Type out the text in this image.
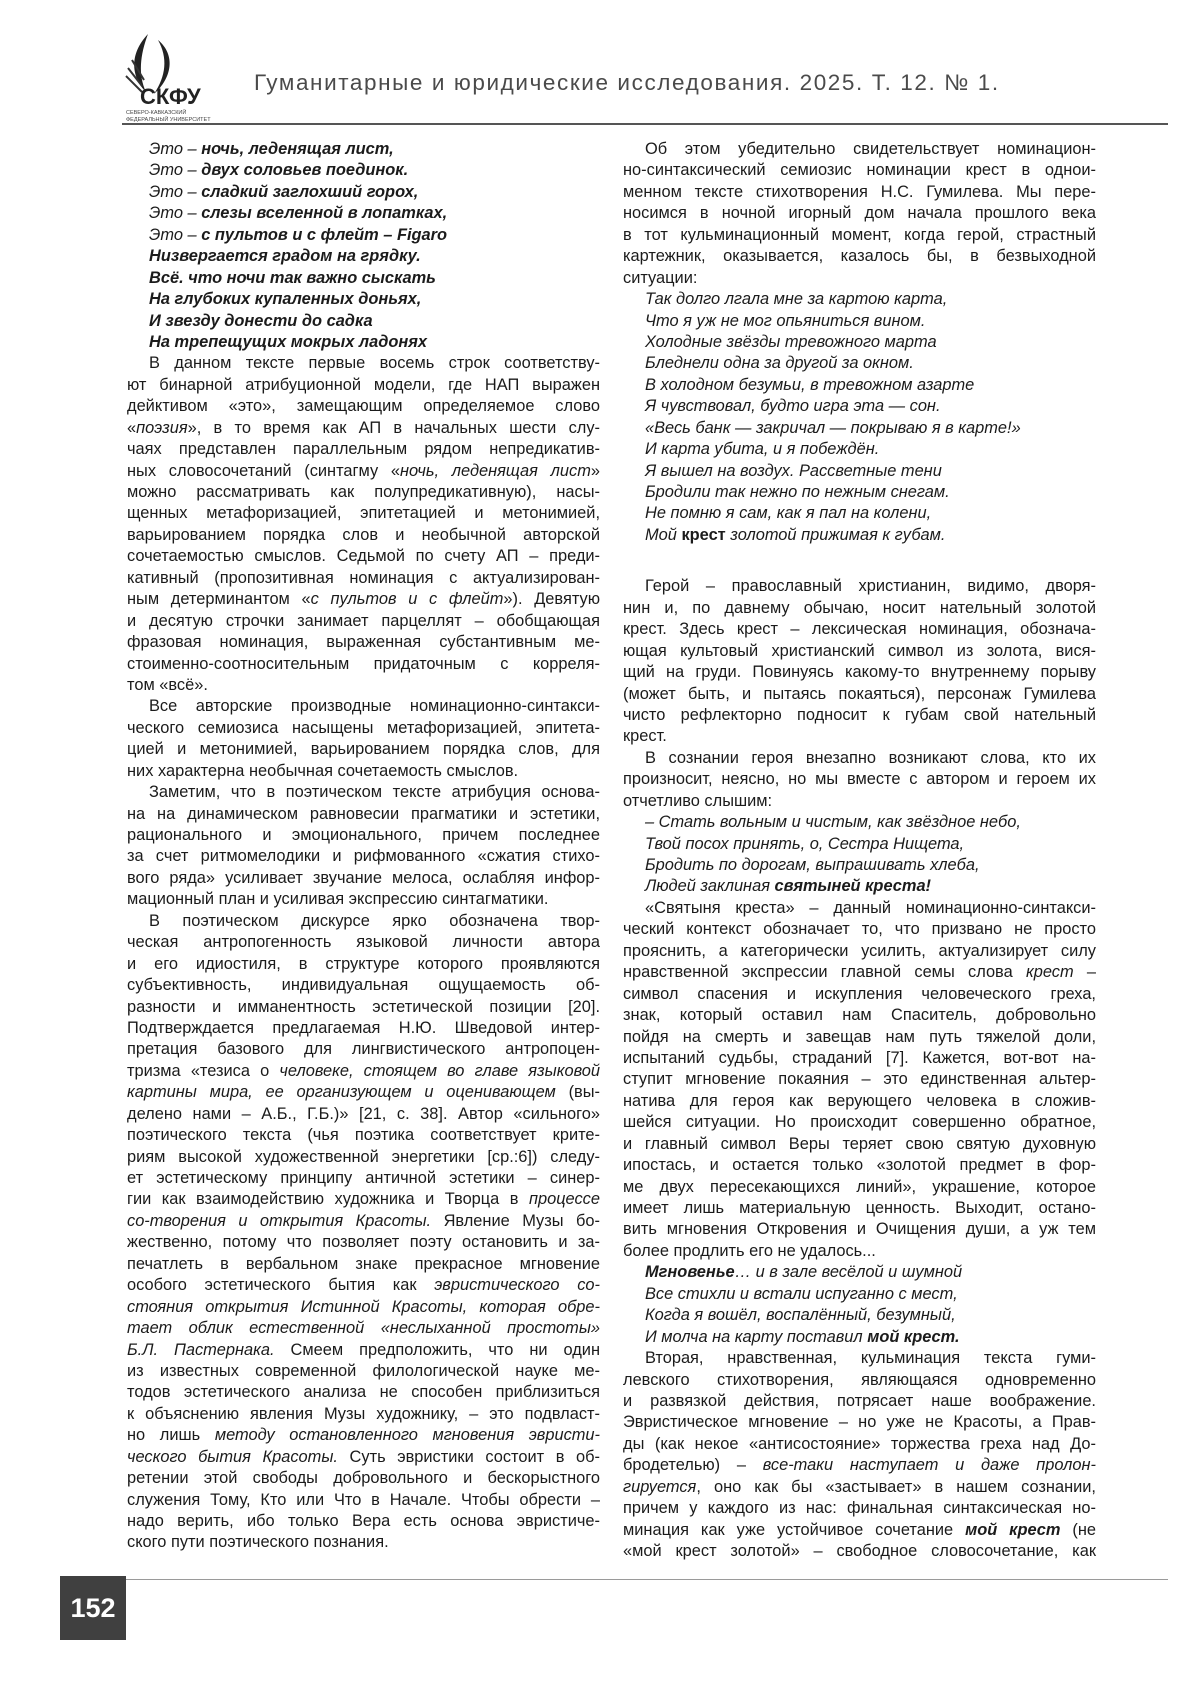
СКФУ
СЕВЕРО-КАВКАЗСКИЙ
ФЕДЕРАЛЬНЫЙ УНИВЕРСИТЕТ
Гуманитарные и юридические исследования. 2025. Т. 12. № 1.
Это – ночь, леденящая лист,
Это – двух соловьев поединок.
Это – сладкий заглохший горох,
Это – слезы вселенной в лопатках,
Это – с пультов и с флейт – Figaro
Низвергается градом на грядку.
Всё. что ночи так важно сыскать
На глубоких купаленных доньях,
И звезду донести до садка
На трепещущих мокрых ладонях
В данном тексте первые восемь строк соответству-
ют бинарной атрибуционной модели, где НАП выражен
дейктивом «это», замещающим определяемое слово
«поэзия», в то время как АП в начальных шести слу-
чаях представлен параллельным рядом непредикатив-
ных словосочетаний (синтагму «ночь, леденящая лист»
можно рассматривать как полупредикативную), насы-
щенных метафоризацией, эпитетацией и метонимией,
варьированием порядка слов и необычной авторской
сочетаемостью смыслов. Седьмой по счету АП – преди-
кативный (пропозитивная номинация с актуализирован-
ным детерминантом «с пультов и с флейт»). Девятую
и десятую строчки занимает парцеллят – обобщающая
фразовая номинация, выраженная субстантивным ме-
стоименно-соотносительным придаточным с корреля-
том «всё».
Все авторские производные номинационно-синтакси-
ческого семиозиса насыщены метафоризацией, эпитета-
цией и метонимией, варьированием порядка слов, для
них характерна необычная сочетаемость смыслов.
Заметим, что в поэтическом тексте атрибуция основа-
на на динамическом равновесии прагматики и эстетики,
рационального и эмоционального, причем последнее
за счет ритмомелодики и рифмованного «сжатия стихо-
вого ряда» усиливает звучание мелоса, ослабляя инфор-
мационный план и усиливая экспрессию синтагматики.
В поэтическом дискурсе ярко обозначена твор-
ческая антропогенность языковой личности автора
и его идиостиля, в структуре которого проявляются
субъективность, индивидуальная ощущаемость об-
разности и имманентность эстетической позиции [20].
Подтверждается предлагаемая Н.Ю. Шведовой интер-
претация базового для лингвистического антропоцен-
тризма «тезиса о человеке, стоящем во главе языковой
картины мира, ее организующем и оценивающем (вы-
делено нами – А.Б., Г.Б.)» [21, с. 38]. Автор «сильного»
поэтического текста (чья поэтика соответствует крите-
риям высокой художественной энергетики [ср.:6]) следу-
ет эстетическому принципу античной эстетики – синер-
гии как взаимодействию художника и Творца в процессе
со-творения и открытия Красоты. Явление Музы бо-
жественно, потому что позволяет поэту остановить и за-
печатлеть в вербальном знаке прекрасное мгновение
особого эстетического бытия как эвристического со-
стояния открытия Истинной Красоты, которая обре-
тает облик естественной «неслыханной простоты»
Б.Л. Пастернака. Смеем предположить, что ни один
из известных современной филологической науке ме-
тодов эстетического анализа не способен приблизиться
к объяснению явления Музы художнику, – это подвласт-
но лишь методу остановленного мгновения эвристи-
ческого бытия Красоты. Суть эвристики состоит в об-
ретении этой свободы добровольного и бескорыстного
служения Тому, Кто или Что в Начале. Чтобы обрести –
надо верить, ибо только Вера есть основа эвристиче-
ского пути поэтического познания.
Об этом убедительно свидетельствует номинацион-
но-синтаксический семиозис номинации крест в однои-
менном тексте стихотворения Н.С. Гумилева. Мы пере-
носимся в ночной игорный дом начала прошлого века
в тот кульминационный момент, когда герой, страстный
картежник, оказывается, казалось бы, в безвыходной
ситуации:
Так долго лгала мне за картою карта,
Что я уж не мог опьяниться вином.
Холодные звёзды тревожного марта
Бледнели одна за другой за окном.
В холодном безумьи, в тревожном азарте
Я чувствовал, будто игра эта — сон.
«Весь банк — закричал — покрываю я в карте!»
И карта убита, и я побеждён.
Я вышел на воздух. Рассветные тени
Бродили так нежно по нежным снегам.
Не помню я сам, как я пал на колени,
Мой крест золотой прижимая к губам.
Герой – православный христианин, видимо, дворя-
нин и, по давнему обычаю, носит нательный золотой
крест. Здесь крест – лексическая номинация, обознача-
ющая культовый христианский символ из золота, вися-
щий на груди. Повинуясь какому-то внутреннему порыву
(может быть, и пытаясь покаяться), персонаж Гумилева
чисто рефлекторно подносит к губам свой нательный
крест.
В сознании героя внезапно возникают слова, кто их
произносит, неясно, но мы вместе с автором и героем их
отчетливо слышим:
– Стать вольным и чистым, как звёздное небо,
Твой посох принять, о, Сестра Нищета,
Бродить по дорогам, выпрашивать хлеба,
Людей заклиная святыней креста!
«Святыня креста» – данный номинационно-синтакси-
ческий контекст обозначает то, что призвано не просто
прояснить, а категорически усилить, актуализирует силу
нравственной экспрессии главной семы слова крест –
символ спасения и искупления человеческого греха,
знак, который оставил нам Спаситель, добровольно
пойдя на смерть и завещав нам путь тяжелой доли,
испытаний судьбы, страданий [7]. Кажется, вот-вот на-
ступит мгновение покаяния – это единственная альтер-
натива для героя как верующего человека в сложив-
шейся ситуации. Но происходит совершенно обратное,
и главный символ Веры теряет свою святую духовную
ипостась, и остается только «золотой предмет в фор-
ме двух пересекающихся линий», украшение, которое
имеет лишь материальную ценность. Выходит, остано-
вить мгновения Откровения и Очищения души, а уж тем
более продлить его не удалось...
Мгновенье… и в зале весёлой и шумной
Все стихли и встали испуганно с мест,
Когда я вошёл, воспалённый, безумный,
И молча на карту поставил мой крест.
Вторая, нравственная, кульминация текста гуми-
левского стихотворения, являющаяся одновременно
и развязкой действия, потрясает наше воображение.
Эвристическое мгновение – но уже не Красоты, а Прав-
ды (как некое «антисостояние» торжества греха над До-
бродетелью) – все-таки наступает и даже пролон-
гируется, оно как бы «застывает» в нашем сознании,
причем у каждого из нас: финальная синтаксическая но-
минация как уже устойчивое сочетание мой крест (не
«мой крест золотой» – свободное словосочетание, как
152
